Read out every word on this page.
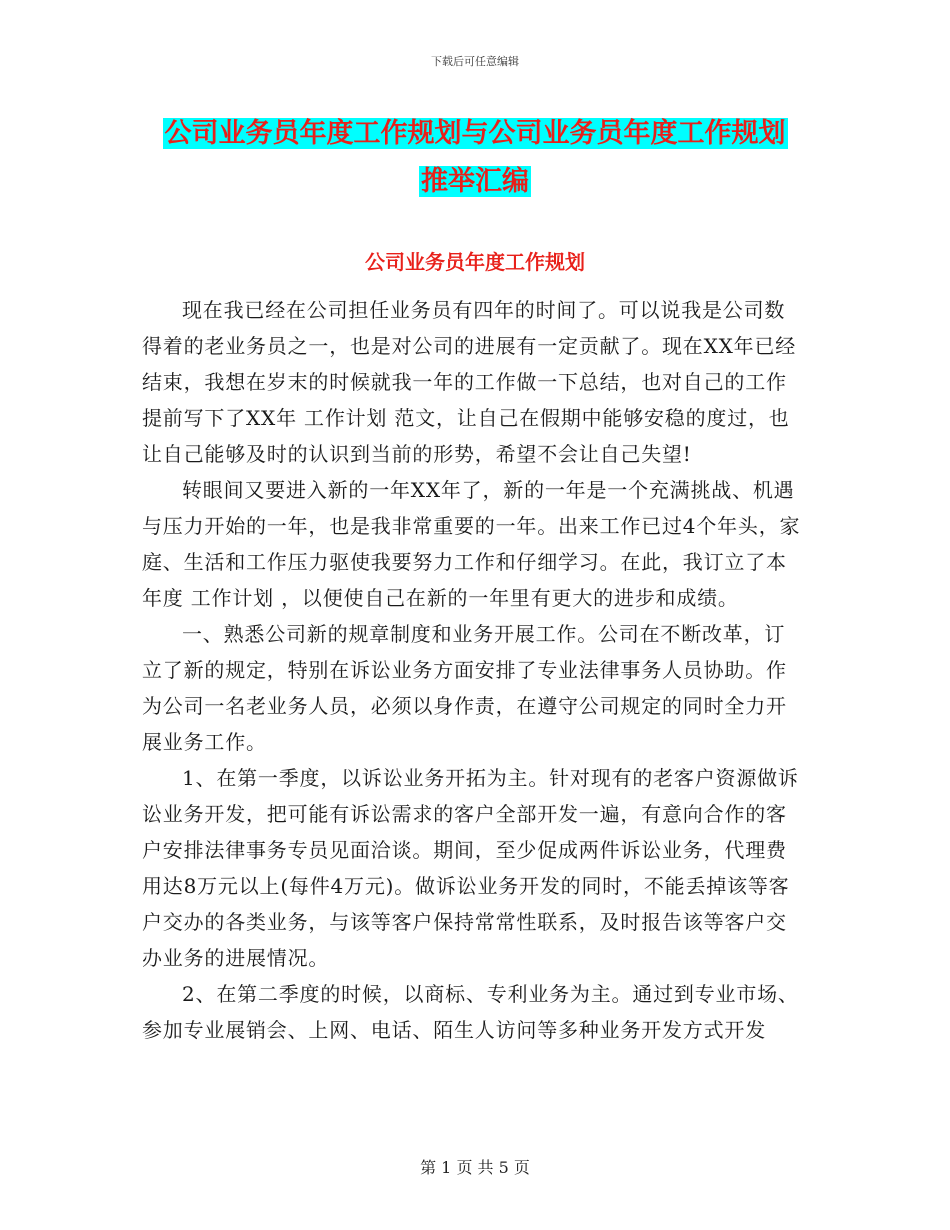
下载后可任意编辑
公司业务员年度工作规划与公司业务员年度工作规划
推举汇编
公司业务员年度工作规划

现在我已经在公司担任业务员有四年的时间了。可以说我是公司数得着的老业务员之一，也是对公司的进展有一定贡献了。现在XX年已经结束，我想在岁末的时候就我一年的工作做一下总结，也对自己的工作提前写下了XX年 工作计划 范文，让自己在假期中能够安稳的度过，也让自己能够及时的认识到当前的形势，希望不会让自己失望!

转眼间又要进入新的一年XX年了，新的一年是一个充满挑战、机遇与压力开始的一年，也是我非常重要的一年。出来工作已过4个年头，家庭、生活和工作压力驱使我要努力工作和仔细学习。在此，我订立了本年度 工作计划 ，以便使自己在新的一年里有更大的进步和成绩。

一、熟悉公司新的规章制度和业务开展工作。公司在不断改革，订立了新的规定，特别在诉讼业务方面安排了专业法律事务人员协助。作为公司一名老业务人员，必须以身作责，在遵守公司规定的同时全力开展业务工作。

1、在第一季度，以诉讼业务开拓为主。针对现有的老客户资源做诉讼业务开发，把可能有诉讼需求的客户全部开发一遍，有意向合作的客户安排法律事务专员见面洽谈。期间，至少促成两件诉讼业务，代理费用达8万元以上(每件4万元)。做诉讼业务开发的同时，不能丢掉该等客户交办的各类业务，与该等客户保持常常性联系，及时报告该等客户交办业务的进展情况。

2、在第二季度的时候，以商标、专利业务为主。通过到专业市场、参加专业展销会、上网、电话、陌生人访问等多种业务开发方式开发

第 1 页 共 5 页
